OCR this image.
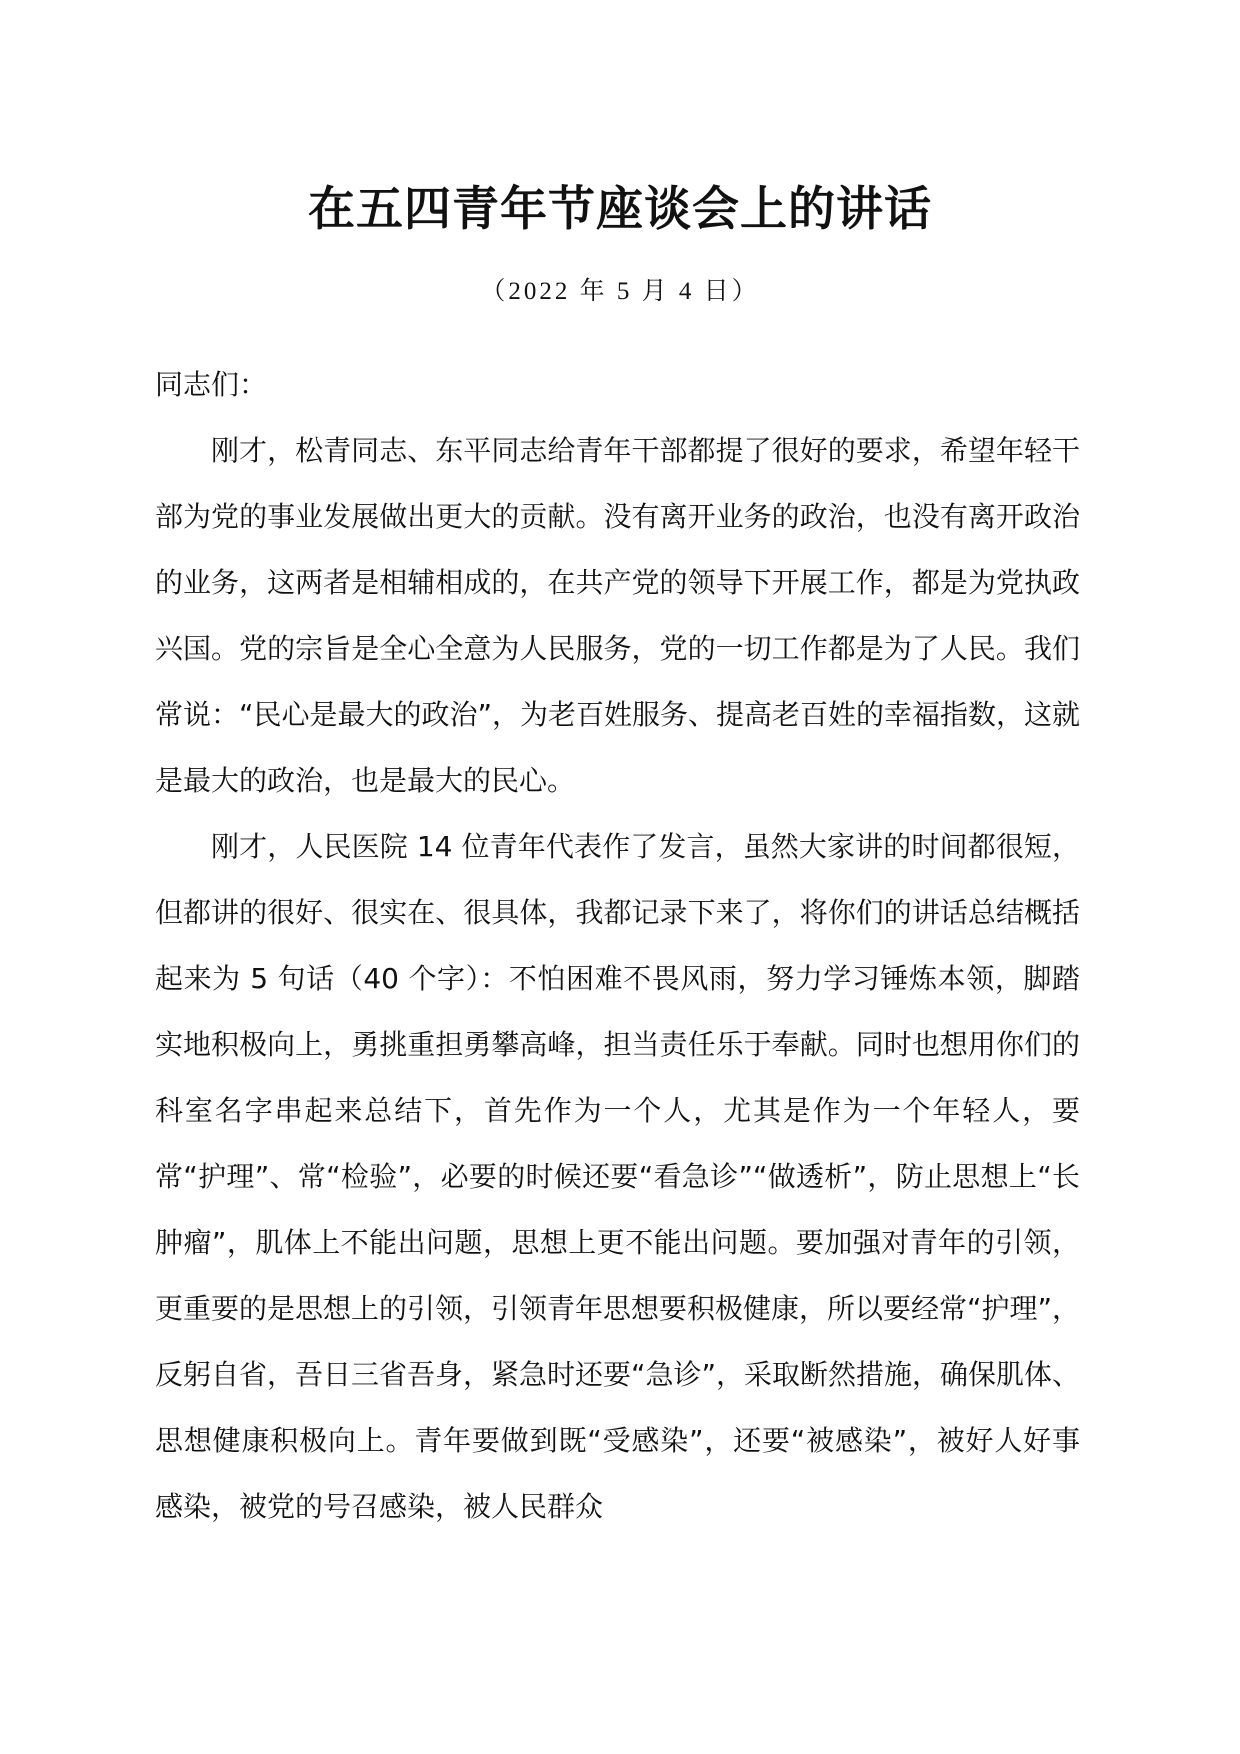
在五四青年节座谈会上的讲话
（2022 年 5 月 4 日）

同志们：

刚才，松青同志、东平同志给青年干部都提了很好的要求，希望年轻干部为党的事业发展做出更大的贡献。没有离开业务的政治，也没有离开政治的业务，这两者是相辅相成的，在共产党的领导下开展工作，都是为党执政兴国。党的宗旨是全心全意为人民服务，党的一切工作都是为了人民。我们常说：“民心是最大的政治”，为老百姓服务、提高老百姓的幸福指数，这就是最大的政治，也是最大的民心。

刚才，人民医院 14 位青年代表作了发言，虽然大家讲的时间都很短，但都讲的很好、很实在、很具体，我都记录下来了，将你们的讲话总结概括起来为 5 句话（40 个字）：不怕困难不畏风雨，努力学习锤炼本领，脚踏实地积极向上，勇挑重担勇攀高峰，担当责任乐于奉献。同时也想用你们的科室名字串起来总结下，首先作为一个人，尤其是作为一个年轻人，要常“护理”、常“检验”，必要的时候还要“看急诊”“做透析”，防止思想上“长肿瘤”，肌体上不能出问题，思想上更不能出问题。要加强对青年的引领，更重要的是思想上的引领，引领青年思想要积极健康，所以要经常“护理”，反躬自省，吾日三省吾身，紧急时还要“急诊”，采取断然措施，确保肌体、思想健康积极向上。青年要做到既“受感染”，还要“被感染”，被好人好事感染，被党的号召感染，被人民群众
